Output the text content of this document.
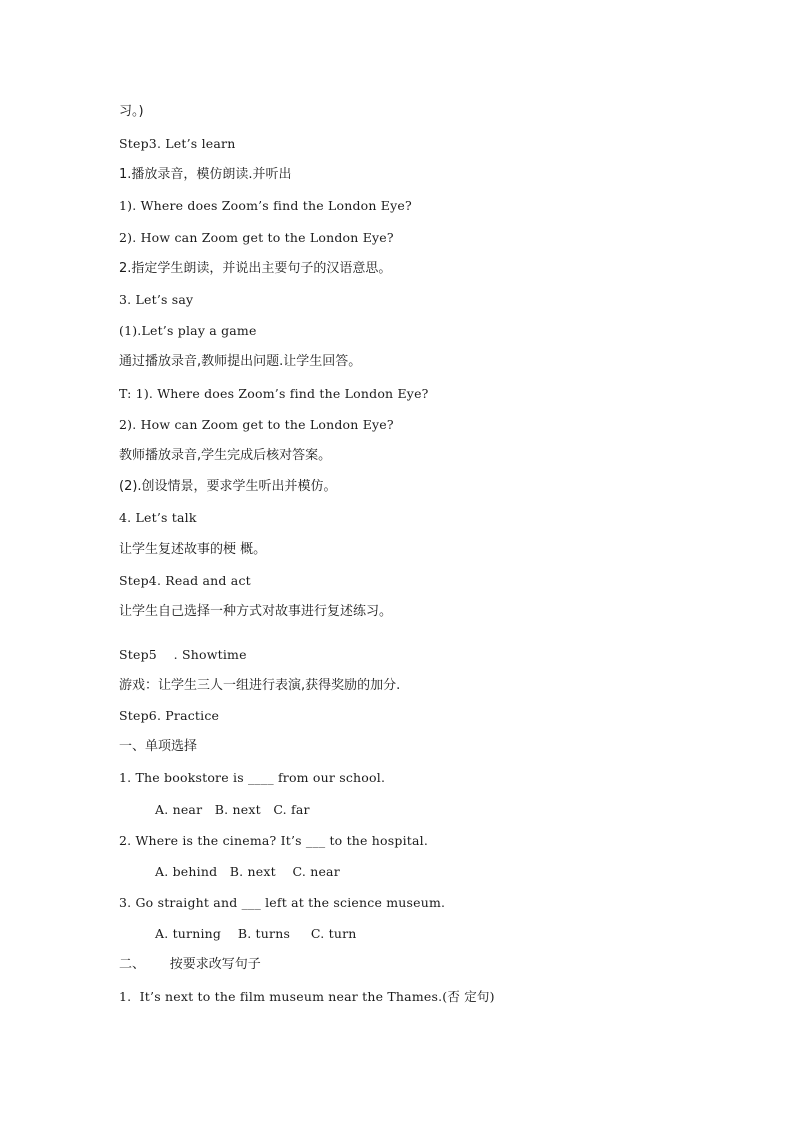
习。)
Step3. Let’s learn
1.播放录音，模仿朗读.并听出
1). Where does Zoom’s find the London Eye?
2). How can Zoom get to the London Eye?
2.指定学生朗读，并说出主要句子的汉语意思。
3. Let’s say
(1).Let’s play a game
通过播放录音,教师提出问题.让学生回答。
T: 1). Where does Zoom’s find the London Eye?
2). How can Zoom get to the London Eye?
教师播放录音,学生完成后核对答案。
(2).创设情景，要求学生听出并模仿。
4. Let’s talk
让学生复述故事的梗 概。
Step4. Read and act
让学生自己选择一种方式对故事进行复述练习。
Step5    . Showtime
游戏：让学生三人一组进行表演,获得奖励的加分.
Step6. Practice
一、单项选择
1. The bookstore is ____ from our school.
A. near   B. next   C. far
2. Where is the cinema? It’s ___ to the hospital.
A. behind   B. next    C. near
3. Go straight and ___ left at the science museum.
A. turning    B. turns     C. turn
二、      按要求改写句子
1.  It’s next to the film museum near the Thames.(否 定句)
